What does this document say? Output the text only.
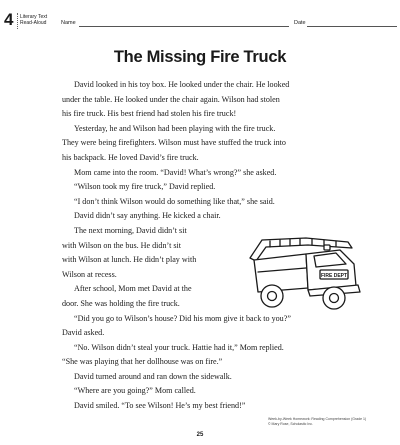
4 Literary Text
Read-Aloud	Name	Date
The Missing Fire Truck

David looked in his toy box. He looked under the chair. He looked

under the table. He looked under the chair again. Wilson had stolen

his fire truck. His best friend had stolen his fire truck!

Yesterday, he and Wilson had been playing with the fire truck.

They were being firefighters. Wilson must have stuffed the truck into

his backpack. He loved David’s fire truck.

Mom came into the room. “David! What’s wrong?” she asked.

“Wilson took my fire truck,” David replied.

“I don’t think Wilson would do something like that,” she said.

David didn’t say anything. He kicked a chair.

The next morning, David didn’t sit

with Wilson on the bus. He didn’t sit

with Wilson at lunch. He didn’t play with

Wilson at recess.

After school, Mom met David at the

door. She was holding the fire truck.

“Did you go to Wilson’s house? Did his mom give it back to you?”

David asked.

“No. Wilson didn’t steal your truck. Hattie had it,” Mom replied.

“She was playing that her dollhouse was on fire.”

David turned around and ran down the sidewalk.

“Where are you going?” Mom called.

David smiled. “To see Wilson! He’s my best friend!”

FIRE DEPT
Week-by-Week Homework: Reading Comprehension (Grade 1)
© Mary Rose, Scholastic Inc.
25
